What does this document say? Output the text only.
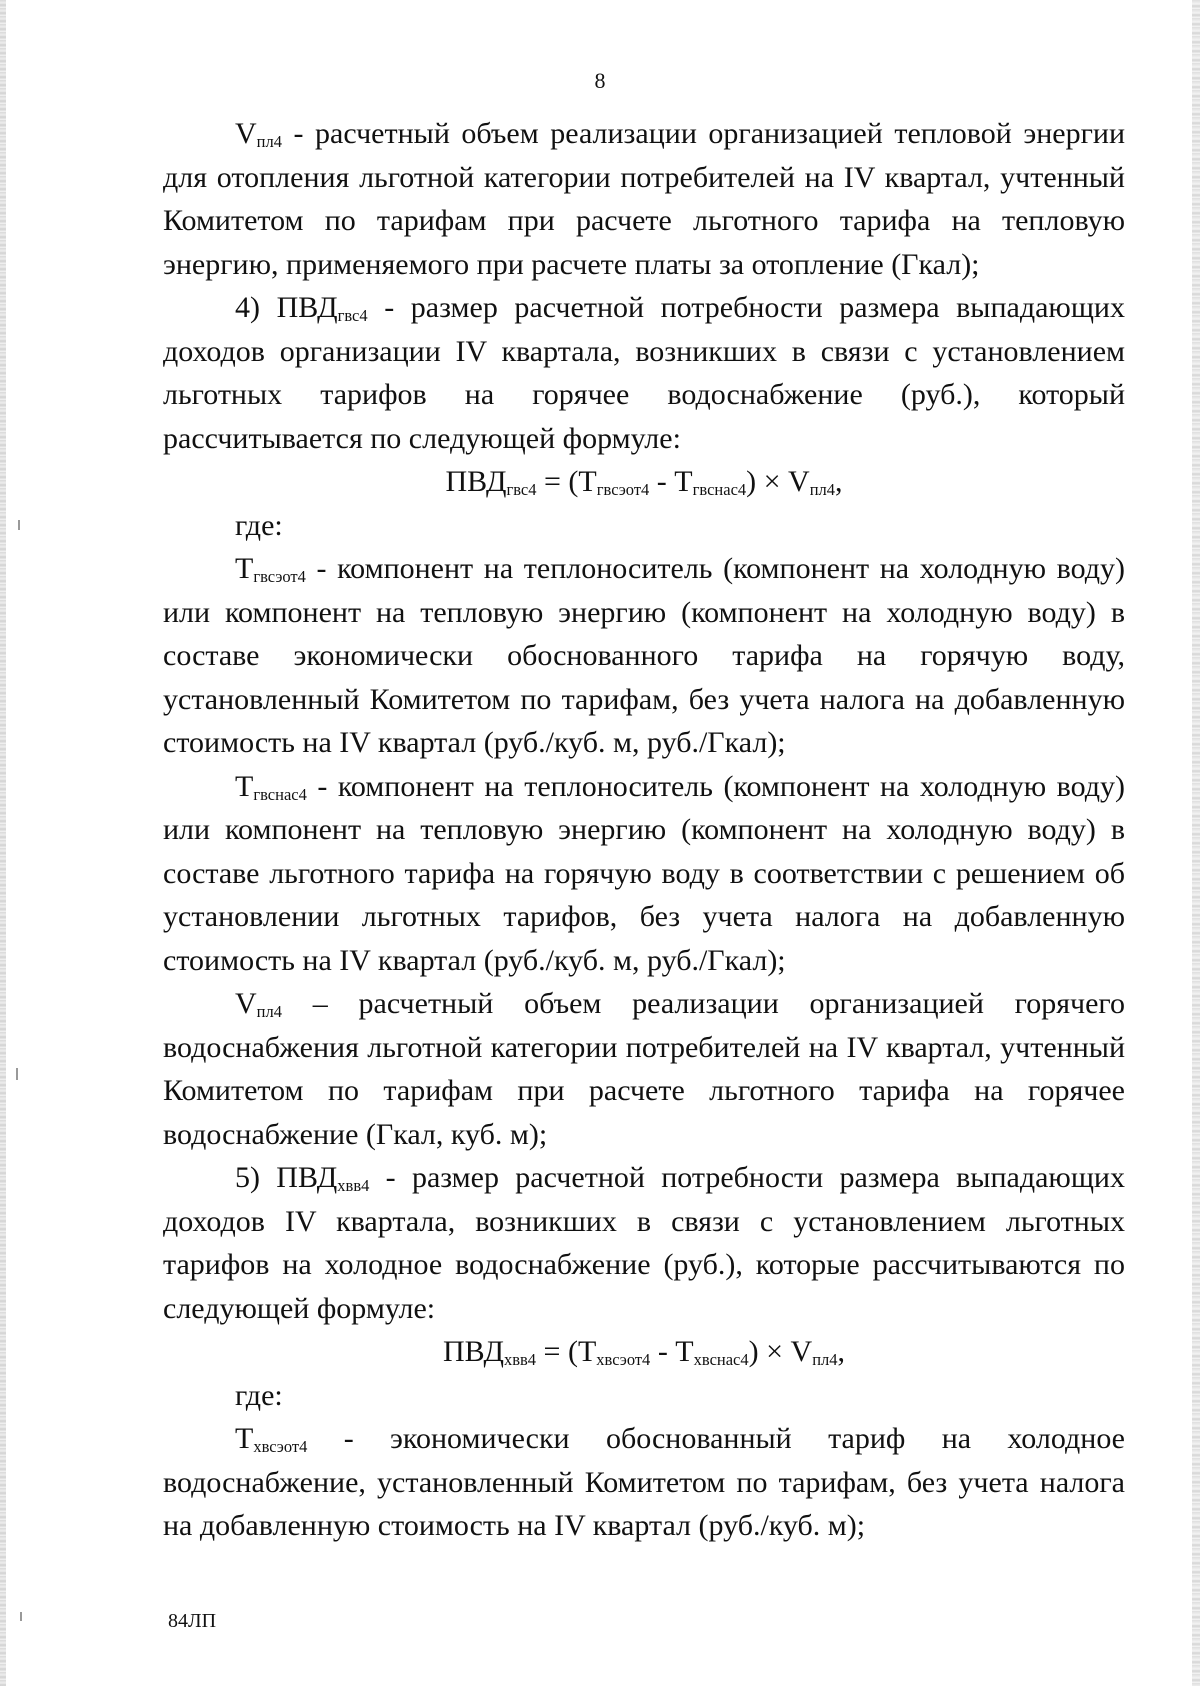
8

$V_{пл4}$ - расчетный объем реализации организацией тепловой энергии для отопления льготной категории потребителей на IV квартал, учтенный Комитетом по тарифам при расчете льготного тарифа на тепловую энергию, применяемого при расчете платы за отопление (Гкал);

4) $ПВД_{гвс4}$ - размер расчетной потребности размера выпадающих доходов организации IV квартала, возникших в связи с установлением льготных тарифов на горячее водоснабжение (руб.), который рассчитывается по следующей формуле:

$ПВД_{гвс4} = (Т_{гвсэот4} - Т_{гвснас4}) \times V_{пл4}$,

где:

$Т_{гвсэот4}$ - компонент на теплоноситель (компонент на холодную воду) или компонент на тепловую энергию (компонент на холодную воду) в составе экономически обоснованного тарифа на горячую воду, установленный Комитетом по тарифам, без учета налога на добавленную стоимость на IV квартал (руб./куб. м, руб./Гкал);

$Т_{гвснас4}$ - компонент на теплоноситель (компонент на холодную воду) или компонент на тепловую энергию (компонент на холодную воду) в составе льготного тарифа на горячую воду в соответствии с решением об установлении льготных тарифов, без учета налога на добавленную стоимость на IV квартал (руб./куб. м, руб./Гкал);

$V_{пл4}$ – расчетный объем реализации организацией горячего водоснабжения льготной категории потребителей на IV квартал, учтенный Комитетом по тарифам при расчете льготного тарифа на горячее водоснабжение (Гкал, куб. м);

5) $ПВД_{хвв4}$ - размер расчетной потребности размера выпадающих доходов IV квартала, возникших в связи с установлением льготных тарифов на холодное водоснабжение (руб.), которые рассчитываются по следующей формуле:

$ПВД_{хвв4} = (Т_{хвсэот4} - Т_{хвснас4}) \times V_{пл4}$,

где:

$Т_{хвсэот4}$ - экономически обоснованный тариф на холодное водоснабжение, установленный Комитетом по тарифам, без учета налога на добавленную стоимость на IV квартал (руб./куб. м);

84ЛП
